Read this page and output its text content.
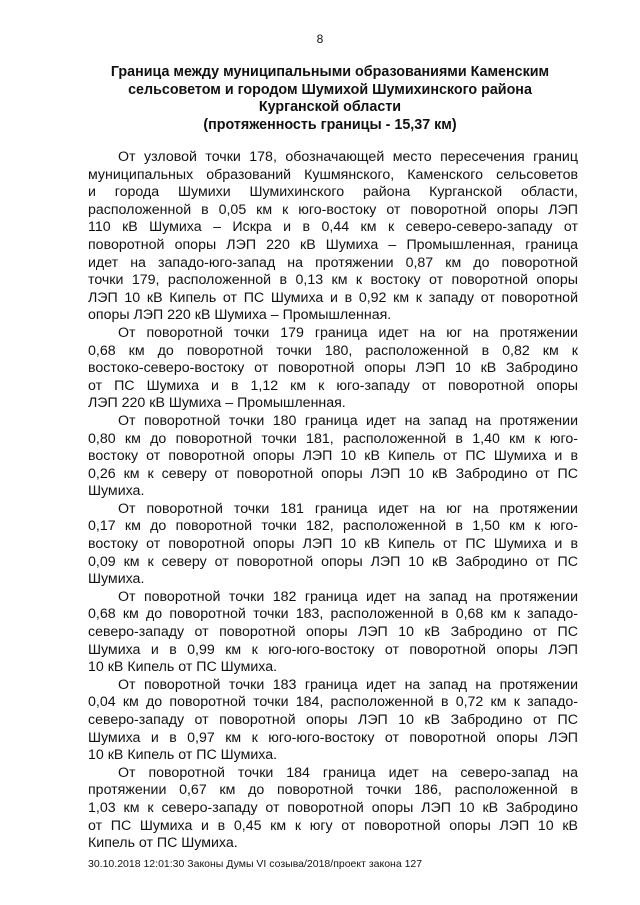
8
Граница между муниципальными образованиями Каменским
сельсоветом и городом Шумихой Шумихинского района
Курганской области
(протяженность границы - 15,37 км)

От узловой точки 178, обозначающей место пересечения границ
муниципальных образований Кушмянского, Каменского сельсоветов
и города Шумихи Шумихинского района Курганской области,
расположенной в 0,05 км к юго-востоку от поворотной опоры ЛЭП
110 кВ Шумиха – Искра и в 0,44 км к северо-северо-западу от
поворотной опоры ЛЭП 220 кВ Шумиха – Промышленная, граница
идет на западо-юго-запад на протяжении 0,87 км до поворотной
точки 179, расположенной в 0,13 км к востоку от поворотной опоры
ЛЭП 10 кВ Кипель от ПС Шумиха и в 0,92 км к западу от поворотной
опоры ЛЭП 220 кВ Шумиха – Промышленная.

От поворотной точки 179 граница идет на юг на протяжении
0,68 км до поворотной точки 180, расположенной в 0,82 км к
востоко-северо-востоку от поворотной опоры ЛЭП 10 кВ Забродино
от ПС Шумиха и в 1,12 км к юго-западу от поворотной опоры
ЛЭП 220 кВ Шумиха – Промышленная.

От поворотной точки 180 граница идет на запад на протяжении
0,80 км до поворотной точки 181, расположенной в 1,40 км к юго-
востоку от поворотной опоры ЛЭП 10 кВ Кипель от ПС Шумиха и в
0,26 км к северу от поворотной опоры ЛЭП 10 кВ Забродино от ПС
Шумиха.

От поворотной точки 181 граница идет на юг на протяжении
0,17 км до поворотной точки 182, расположенной в 1,50 км к юго-
востоку от поворотной опоры ЛЭП 10 кВ Кипель от ПС Шумиха и в
0,09 км к северу от поворотной опоры ЛЭП 10 кВ Забродино от ПС
Шумиха.

От поворотной точки 182 граница идет на запад на протяжении
0,68 км до поворотной точки 183, расположенной в 0,68 км к западо-
северо-западу от поворотной опоры ЛЭП 10 кВ Забродино от ПС
Шумиха и в 0,99 км к юго-юго-востоку от поворотной опоры ЛЭП
10 кВ Кипель от ПС Шумиха.

От поворотной точки 183 граница идет на запад на протяжении
0,04 км до поворотной точки 184, расположенной в 0,72 км к западо-
северо-западу от поворотной опоры ЛЭП 10 кВ Забродино от ПС
Шумиха и в 0,97 км к юго-юго-востоку от поворотной опоры ЛЭП
10 кВ Кипель от ПС Шумиха.

От поворотной точки 184 граница идет на северо-запад на
протяжении 0,67 км до поворотной точки 186, расположенной в
1,03 км к северо-западу от поворотной опоры ЛЭП 10 кВ Забродино
от ПС Шумиха и в 0,45 км к югу от поворотной опоры ЛЭП 10 кВ
Кипель от ПС Шумиха.

30.10.2018 12:01:30 Законы Думы VI созыва/2018/проект закона 127
